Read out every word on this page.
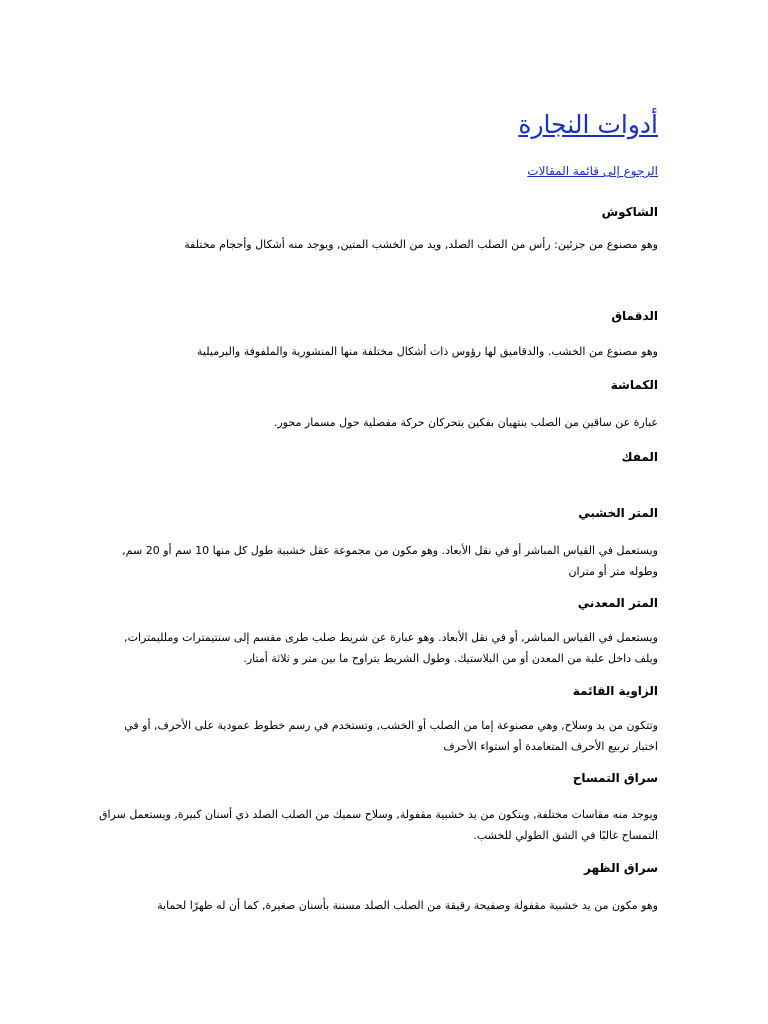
أدوات النجارة
الرجوع إلى قائمة المقالات
الشاكوش

وهو مصنوع من جزئين: رأس من الصلب الصلد, ويد من الخشب المتين, ويوجد منه أشكال وأحجام مختلفة

الدقماق

وهو مصنوع من الخشب. والدقاميق لها رؤوس ذات أشكال مختلفة منها المنشورية والملفوفة والبرميلية

الكماشة

عبارة عن ساقين من الصلب ينتهيان بفكين يتحركان حركة مفصلية حول مسمار محور.

المفك
المتر الخشبي

ويستعمل في القياس المباشر أو في نقل الأبعاد. وهو مكون من مجموعة عقل خشبية طول كل منها 10 سم أو 20 سم, وطوله متر أو متران

المتر المعدني

ويستعمل في القياس المباشر, أو في نقل الأبعاد. وهو عبارة عن شريط صلب طرى مقسم إلى سنتيمترات وملليمترات, ويلف داخل علبة من المعدن أو من البلاستيك. وطول الشريط يتراوح ما بين متر و ثلاثة أمتار.

الزاوية القائمة

وتتكون من يد وسلاح, وهي مصنوعة إما من الصلب أو الخشب, وتستخدم في رسم خطوط عمودية على الأحرف, أو في اختبار تربيع الأحرف المتعامدة أو استواء الأحرف

سراق التمساح

ويوجد منه مقاسات مختلفة, ويتكون من يد خشبية مقفولة, وسلاح سميك من الصلب الصلد ذي أسنان كبيرة, ويستعمل سراق التمساح غالبًا في الشق الطولي للخشب.

سراق الظهر

وهو مكون من يد خشبية مقفولة وصفيحة رقيقة من الصلب الصلد مسننة بأسنان صغيرة, كما أن له ظهرًا لحماية
